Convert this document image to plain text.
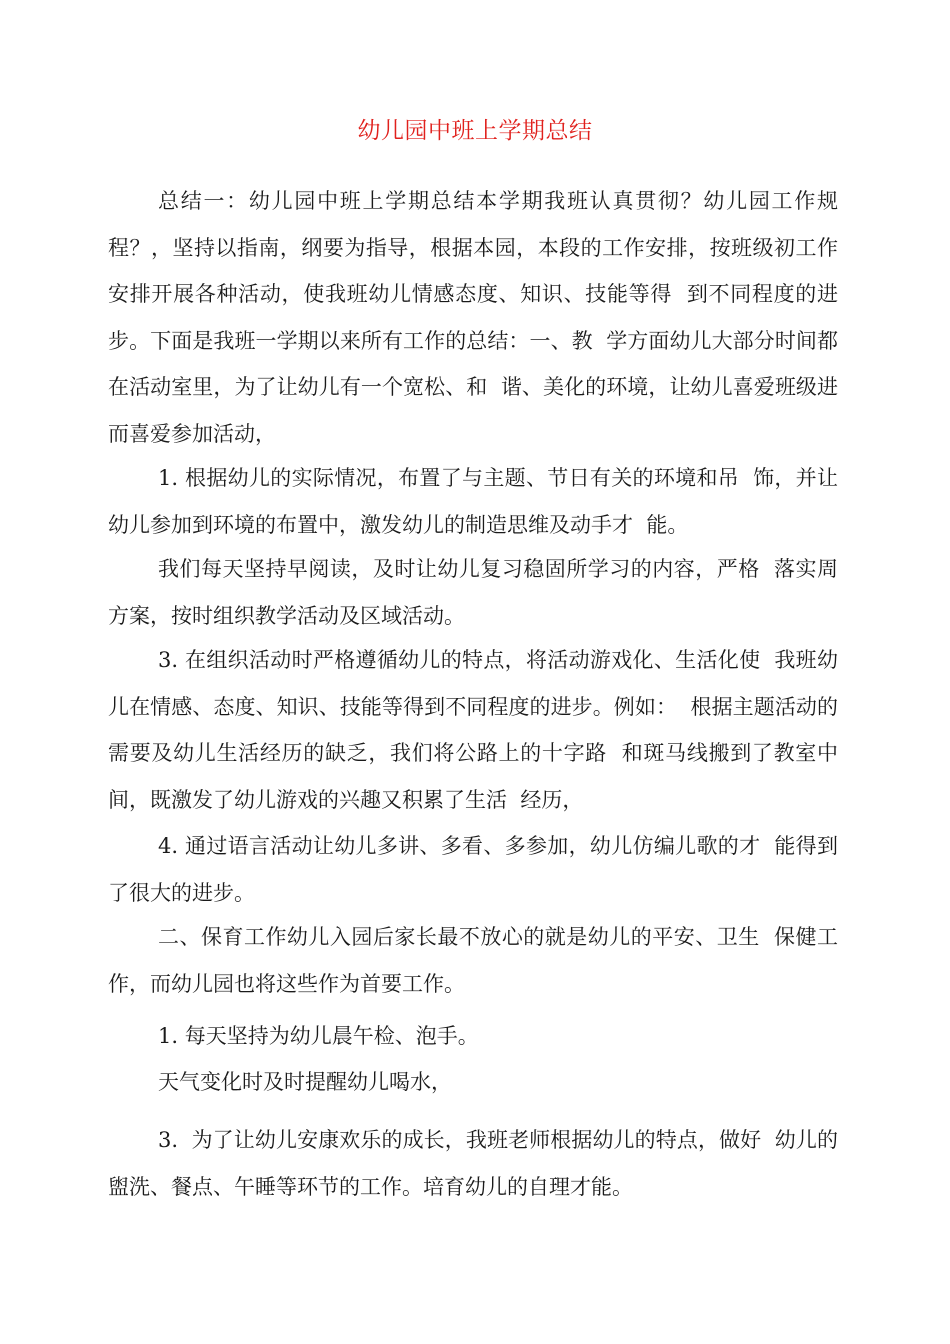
幼儿园中班上学期总结
总结一：幼儿园中班上学期总结本学期我班认真贯彻？幼儿园工作规程？，坚持以指南，纲要为指导，根据本园，本段的工作安排，按班级初工作安排开展各种活动，使我班幼儿情感态度、知识、技能等得  到不同程度的进步。下面是我班一学期以来所有工作的总结：一、教  学方面幼儿大部分时间都在活动室里，为了让幼儿有一个宽松、和  谐、美化的环境，让幼儿喜爱班级进而喜爱参加活动，
1. 根据幼儿的实际情况，布置了与主题、节日有关的环境和吊  饰，并让幼儿参加到环境的布置中，激发幼儿的制造思维及动手才  能。
我们每天坚持早阅读，及时让幼儿复习稳固所学习的内容，严格  落实周方案，按时组织教学活动及区域活动。
3. 在组织活动时严格遵循幼儿的特点，将活动游戏化、生活化使  我班幼儿在情感、态度、知识、技能等得到不同程度的进步。例如：  根据主题活动的需要及幼儿生活经历的缺乏，我们将公路上的十字路  和斑马线搬到了教室中间，既激发了幼儿游戏的兴趣又积累了生活  经历，
4. 通过语言活动让幼儿多讲、多看、多参加，幼儿仿编儿歌的才  能得到了很大的进步。
二、保育工作幼儿入园后家长最不放心的就是幼儿的平安、卫生  保健工作，而幼儿园也将这些作为首要工作。
1. 每天坚持为幼儿晨午检、泡手。
天气变化时及时提醒幼儿喝水，
3.  为了让幼儿安康欢乐的成长，我班老师根据幼儿的特点，做好  幼儿的盥洗、餐点、午睡等环节的工作。培育幼儿的自理才能。
